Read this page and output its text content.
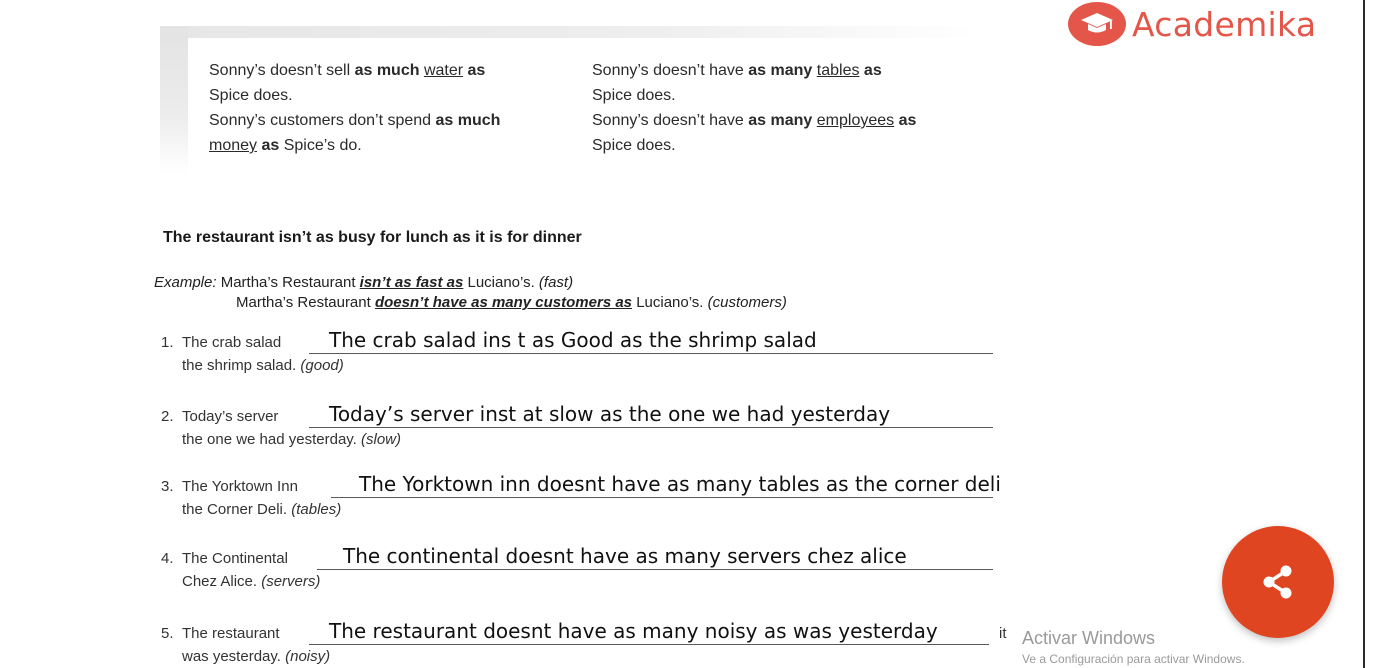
Academika
Sonny’s doesn’t sell as much water as
Spice does.
Sonny’s customers don’t spend as much
money as Spice’s do.
Sonny’s doesn’t have as many tables as
Spice does.
Sonny’s doesn’t have as many employees as
Spice does.
The restaurant isn’t as busy for lunch as it is for dinner
Example: Martha’s Restaurant isn’t as fast as Luciano’s. (fast)
Martha’s Restaurant doesn’t have as many customers as Luciano’s. (customers)
1. The crab salad The crab salad ins t as Good as the shrimp salad
the shrimp salad. (good)
2. Today’s server	Today’s server inst at slow as the one we had yesterday
the one we had yesterday. (slow)
3. The Yorktown Inn	The Yorktown inn doesnt have as many tables as the corner deli
the Corner Deli. (tables)
4. The Continental	The continental doesnt have as many servers chez alice
Chez Alice. (servers)
5. The restaurant The restaurant doesnt have as many noisy as was yesterday	it
was yesterday. (noisy)
Activar Windows
Ve a Configuración para activar Windows.
